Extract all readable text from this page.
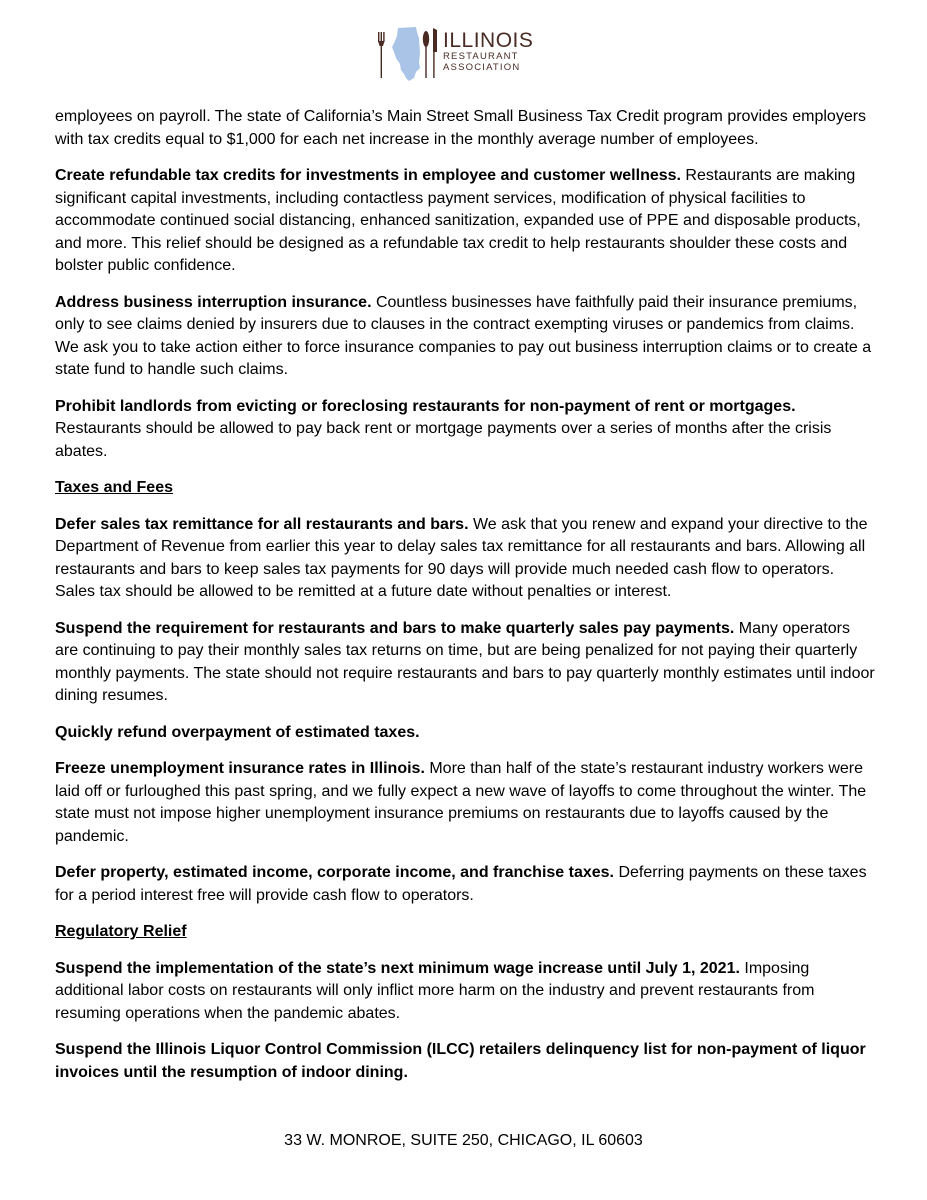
ILLINOIS
RESTAURANT
ASSOCIATION

employees on payroll. The state of California’s Main Street Small Business Tax Credit program provides employers with tax credits equal to $1,000 for each net increase in the monthly average number of employees.

Create refundable tax credits for investments in employee and customer wellness. Restaurants are making significant capital investments, including contactless payment services, modification of physical facilities to accommodate continued social distancing, enhanced sanitization, expanded use of PPE and disposable products, and more. This relief should be designed as a refundable tax credit to help restaurants shoulder these costs and bolster public confidence.

Address business interruption insurance. Countless businesses have faithfully paid their insurance premiums, only to see claims denied by insurers due to clauses in the contract exempting viruses or pandemics from claims. We ask you to take action either to force insurance companies to pay out business interruption claims or to create a state fund to handle such claims.

Prohibit landlords from evicting or foreclosing restaurants for non-payment of rent or mortgages. Restaurants should be allowed to pay back rent or mortgage payments over a series of months after the crisis abates.

Taxes and Fees

Defer sales tax remittance for all restaurants and bars. We ask that you renew and expand your directive to the Department of Revenue from earlier this year to delay sales tax remittance for all restaurants and bars. Allowing all restaurants and bars to keep sales tax payments for 90 days will provide much needed cash flow to operators. Sales tax should be allowed to be remitted at a future date without penalties or interest.

Suspend the requirement for restaurants and bars to make quarterly sales pay payments. Many operators are continuing to pay their monthly sales tax returns on time, but are being penalized for not paying their quarterly monthly payments. The state should not require restaurants and bars to pay quarterly monthly estimates until indoor dining resumes.

Quickly refund overpayment of estimated taxes.

Freeze unemployment insurance rates in Illinois. More than half of the state’s restaurant industry workers were laid off or furloughed this past spring, and we fully expect a new wave of layoffs to come throughout the winter. The state must not impose higher unemployment insurance premiums on restaurants due to layoffs caused by the pandemic.

Defer property, estimated income, corporate income, and franchise taxes. Deferring payments on these taxes for a period interest free will provide cash flow to operators.

Regulatory Relief

Suspend the implementation of the state’s next minimum wage increase until July 1, 2021. Imposing additional labor costs on restaurants will only inflict more harm on the industry and prevent restaurants from resuming operations when the pandemic abates.

Suspend the Illinois Liquor Control Commission (ILCC) retailers delinquency list for non-payment of liquor invoices until the resumption of indoor dining.

33 W. MONROE, SUITE 250, CHICAGO, IL 60603
